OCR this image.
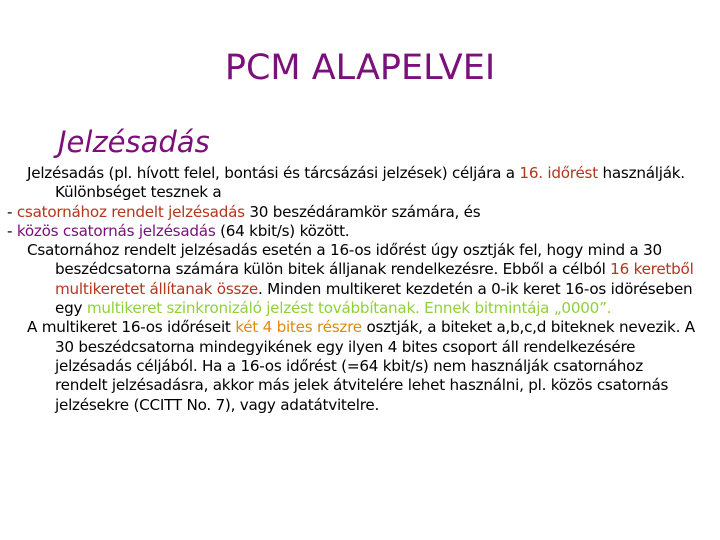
PCM ALAPELVEI
Jelzésadás

Jelzésadás (pl. hívott felel, bontási és tárcsázási jelzések) céljára a 16. időrést használják. Különbséget tesznek a

- csatornához rendelt jelzésadás 30 beszédáramkör számára, és

- közös csatornás jelzésadás (64 kbit/s) között.

Csatornához rendelt jelzésadás esetén a 16-os időrést úgy osztják fel, hogy mind a 30 beszédcsatorna számára külön bitek álljanak rendelkezésre. Ebből a célból 16 keretből multikeretet állítanak össze. Minden multikeret kezdetén a 0-ik keret 16-os idöréseben egy multikeret szinkronizáló jelzést továbbítanak. Ennek bitmintája „0000”.

A multikeret 16-os időréseit két 4 bites részre osztják, a biteket a,b,c,d biteknek nevezik. A 30 beszédcsatorna mindegyikének egy ilyen 4 bites csoport áll rendelkezésére jelzésadás céljából. Ha a 16-os időrést (=64 kbit/s) nem használják csatornához rendelt jelzésadásra, akkor más jelek átvitelére lehet használni, pl. közös csatornás jelzésekre (CCITT No. 7), vagy adatátvitelre.
